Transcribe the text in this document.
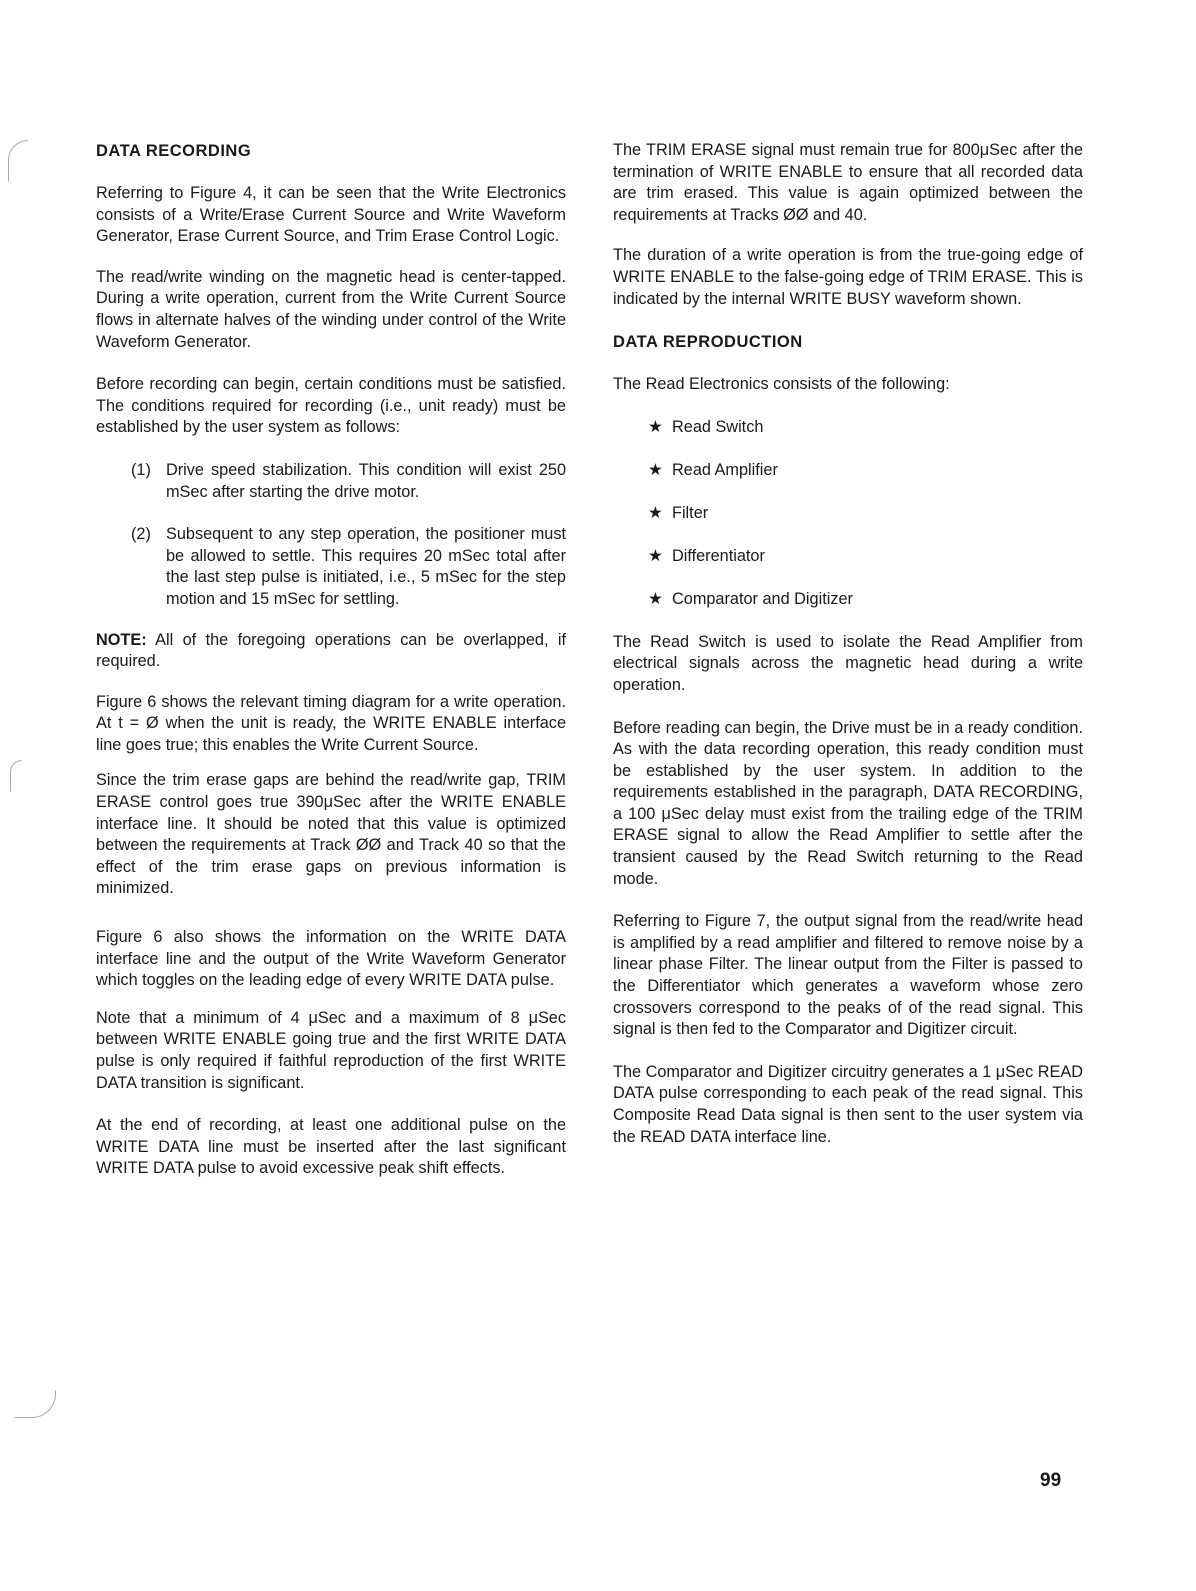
DATA RECORDING

Referring to Figure 4, it can be seen that the Write Electronics consists of a Write/Erase Current Source and Write Waveform Generator, Erase Current Source, and Trim Erase Control Logic.

The read/write winding on the magnetic head is center-tapped. During a write operation, current from the Write Current Source flows in alternate halves of the winding under control of the Write Waveform Generator.

Before recording can begin, certain conditions must be satisfied. The conditions required for recording (i.e., unit ready) must be established by the user system as follows:

(1) Drive speed stabilization. This condition will exist 250 mSec after starting the drive motor.
(2) Subsequent to any step operation, the positioner must be allowed to settle. This requires 20 mSec total after the last step pulse is initiated, i.e., 5 mSec for the step motion and 15 mSec for settling.

NOTE: All of the foregoing operations can be overlapped, if required.

Figure 6 shows the relevant timing diagram for a write operation. At t = Ø when the unit is ready, the WRITE ENABLE interface line goes true; this enables the Write Current Source.

Since the trim erase gaps are behind the read/write gap, TRIM ERASE control goes true 390μSec after the WRITE ENABLE interface line. It should be noted that this value is optimized between the requirements at Track ØØ and Track 40 so that the effect of the trim erase gaps on previous information is minimized.

Figure 6 also shows the information on the WRITE DATA interface line and the output of the Write Waveform Generator which toggles on the leading edge of every WRITE DATA pulse.

Note that a minimum of 4 μSec and a maximum of 8 μSec between WRITE ENABLE going true and the first WRITE DATA pulse is only required if faithful reproduction of the first WRITE DATA transition is significant.

At the end of recording, at least one additional pulse on the WRITE DATA line must be inserted after the last significant WRITE DATA pulse to avoid excessive peak shift effects.

The TRIM ERASE signal must remain true for 800μSec after the termination of WRITE ENABLE to ensure that all recorded data are trim erased. This value is again optimized between the requirements at Tracks ØØ and 40.

The duration of a write operation is from the true-going edge of WRITE ENABLE to the false-going edge of TRIM ERASE. This is indicated by the internal WRITE BUSY waveform shown.

DATA REPRODUCTION

The Read Electronics consists of the following:

★ Read Switch
★ Read Amplifier
★ Filter
★ Differentiator
★ Comparator and Digitizer

The Read Switch is used to isolate the Read Amplifier from electrical signals across the magnetic head during a write operation.

Before reading can begin, the Drive must be in a ready condition. As with the data recording operation, this ready condition must be established by the user system. In addition to the requirements established in the paragraph, DATA RECORDING, a 100 μSec delay must exist from the trailing edge of the TRIM ERASE signal to allow the Read Amplifier to settle after the transient caused by the Read Switch returning to the Read mode.

Referring to Figure 7, the output signal from the read/write head is amplified by a read amplifier and filtered to remove noise by a linear phase Filter. The linear output from the Filter is passed to the Differentiator which generates a waveform whose zero crossovers correspond to the peaks of of the read signal. This signal is then fed to the Comparator and Digitizer circuit.

The Comparator and Digitizer circuitry generates a 1 μSec READ DATA pulse corresponding to each peak of the read signal. This Composite Read Data signal is then sent to the user system via the READ DATA interface line.

99
